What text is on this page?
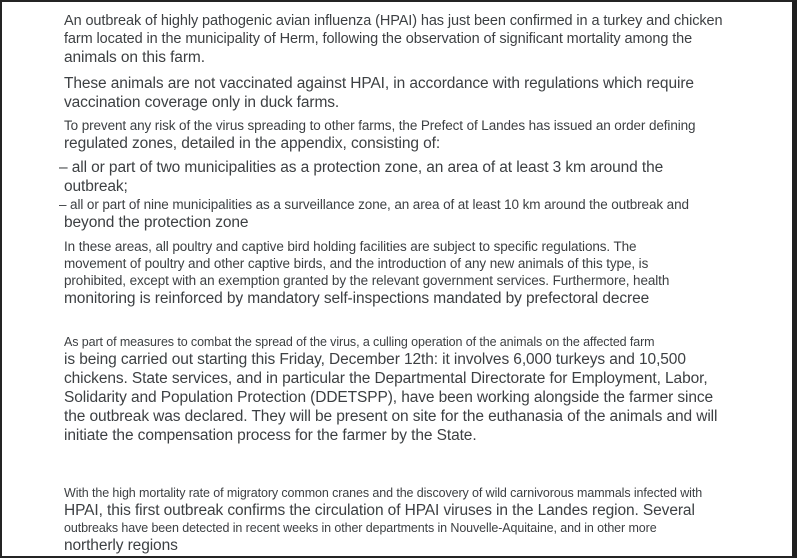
An outbreak of highly pathogenic avian influenza (HPAI) has just been confirmed in a turkey and chicken
farm located in the municipality of Herm, following the observation of significant mortality among the
animals on this farm.

These animals are not vaccinated against HPAI, in accordance with regulations which require
vaccination coverage only in duck farms.

To prevent any risk of the virus spreading to other farms, the Prefect of Landes has issued an order defining
regulated zones, detailed in the appendix, consisting of:

– all or part of two municipalities as a protection zone, an area of at least 3 km around the
outbreak;
– all or part of nine municipalities as a surveillance zone, an area of at least 10 km around the outbreak and
beyond the protection zone

In these areas, all poultry and captive bird holding facilities are subject to specific regulations. The
movement of poultry and other captive birds, and the introduction of any new animals of this type, is
prohibited, except with an exemption granted by the relevant government services. Furthermore, health
monitoring is reinforced by mandatory self-inspections mandated by prefectoral decree

As part of measures to combat the spread of the virus, a culling operation of the animals on the affected farm
is being carried out starting this Friday, December 12th: it involves 6,000 turkeys and 10,500
chickens. State services, and in particular the Departmental Directorate for Employment, Labor,
Solidarity and Population Protection (DDETSPP), have been working alongside the farmer since
the outbreak was declared. They will be present on site for the euthanasia of the animals and will
initiate the compensation process for the farmer by the State.

With the high mortality rate of migratory common cranes and the discovery of wild carnivorous mammals infected with
HPAI, this first outbreak confirms the circulation of HPAI viruses in the Landes region. Several
outbreaks have been detected in recent weeks in other departments in Nouvelle-Aquitaine, and in other more
northerly regions
